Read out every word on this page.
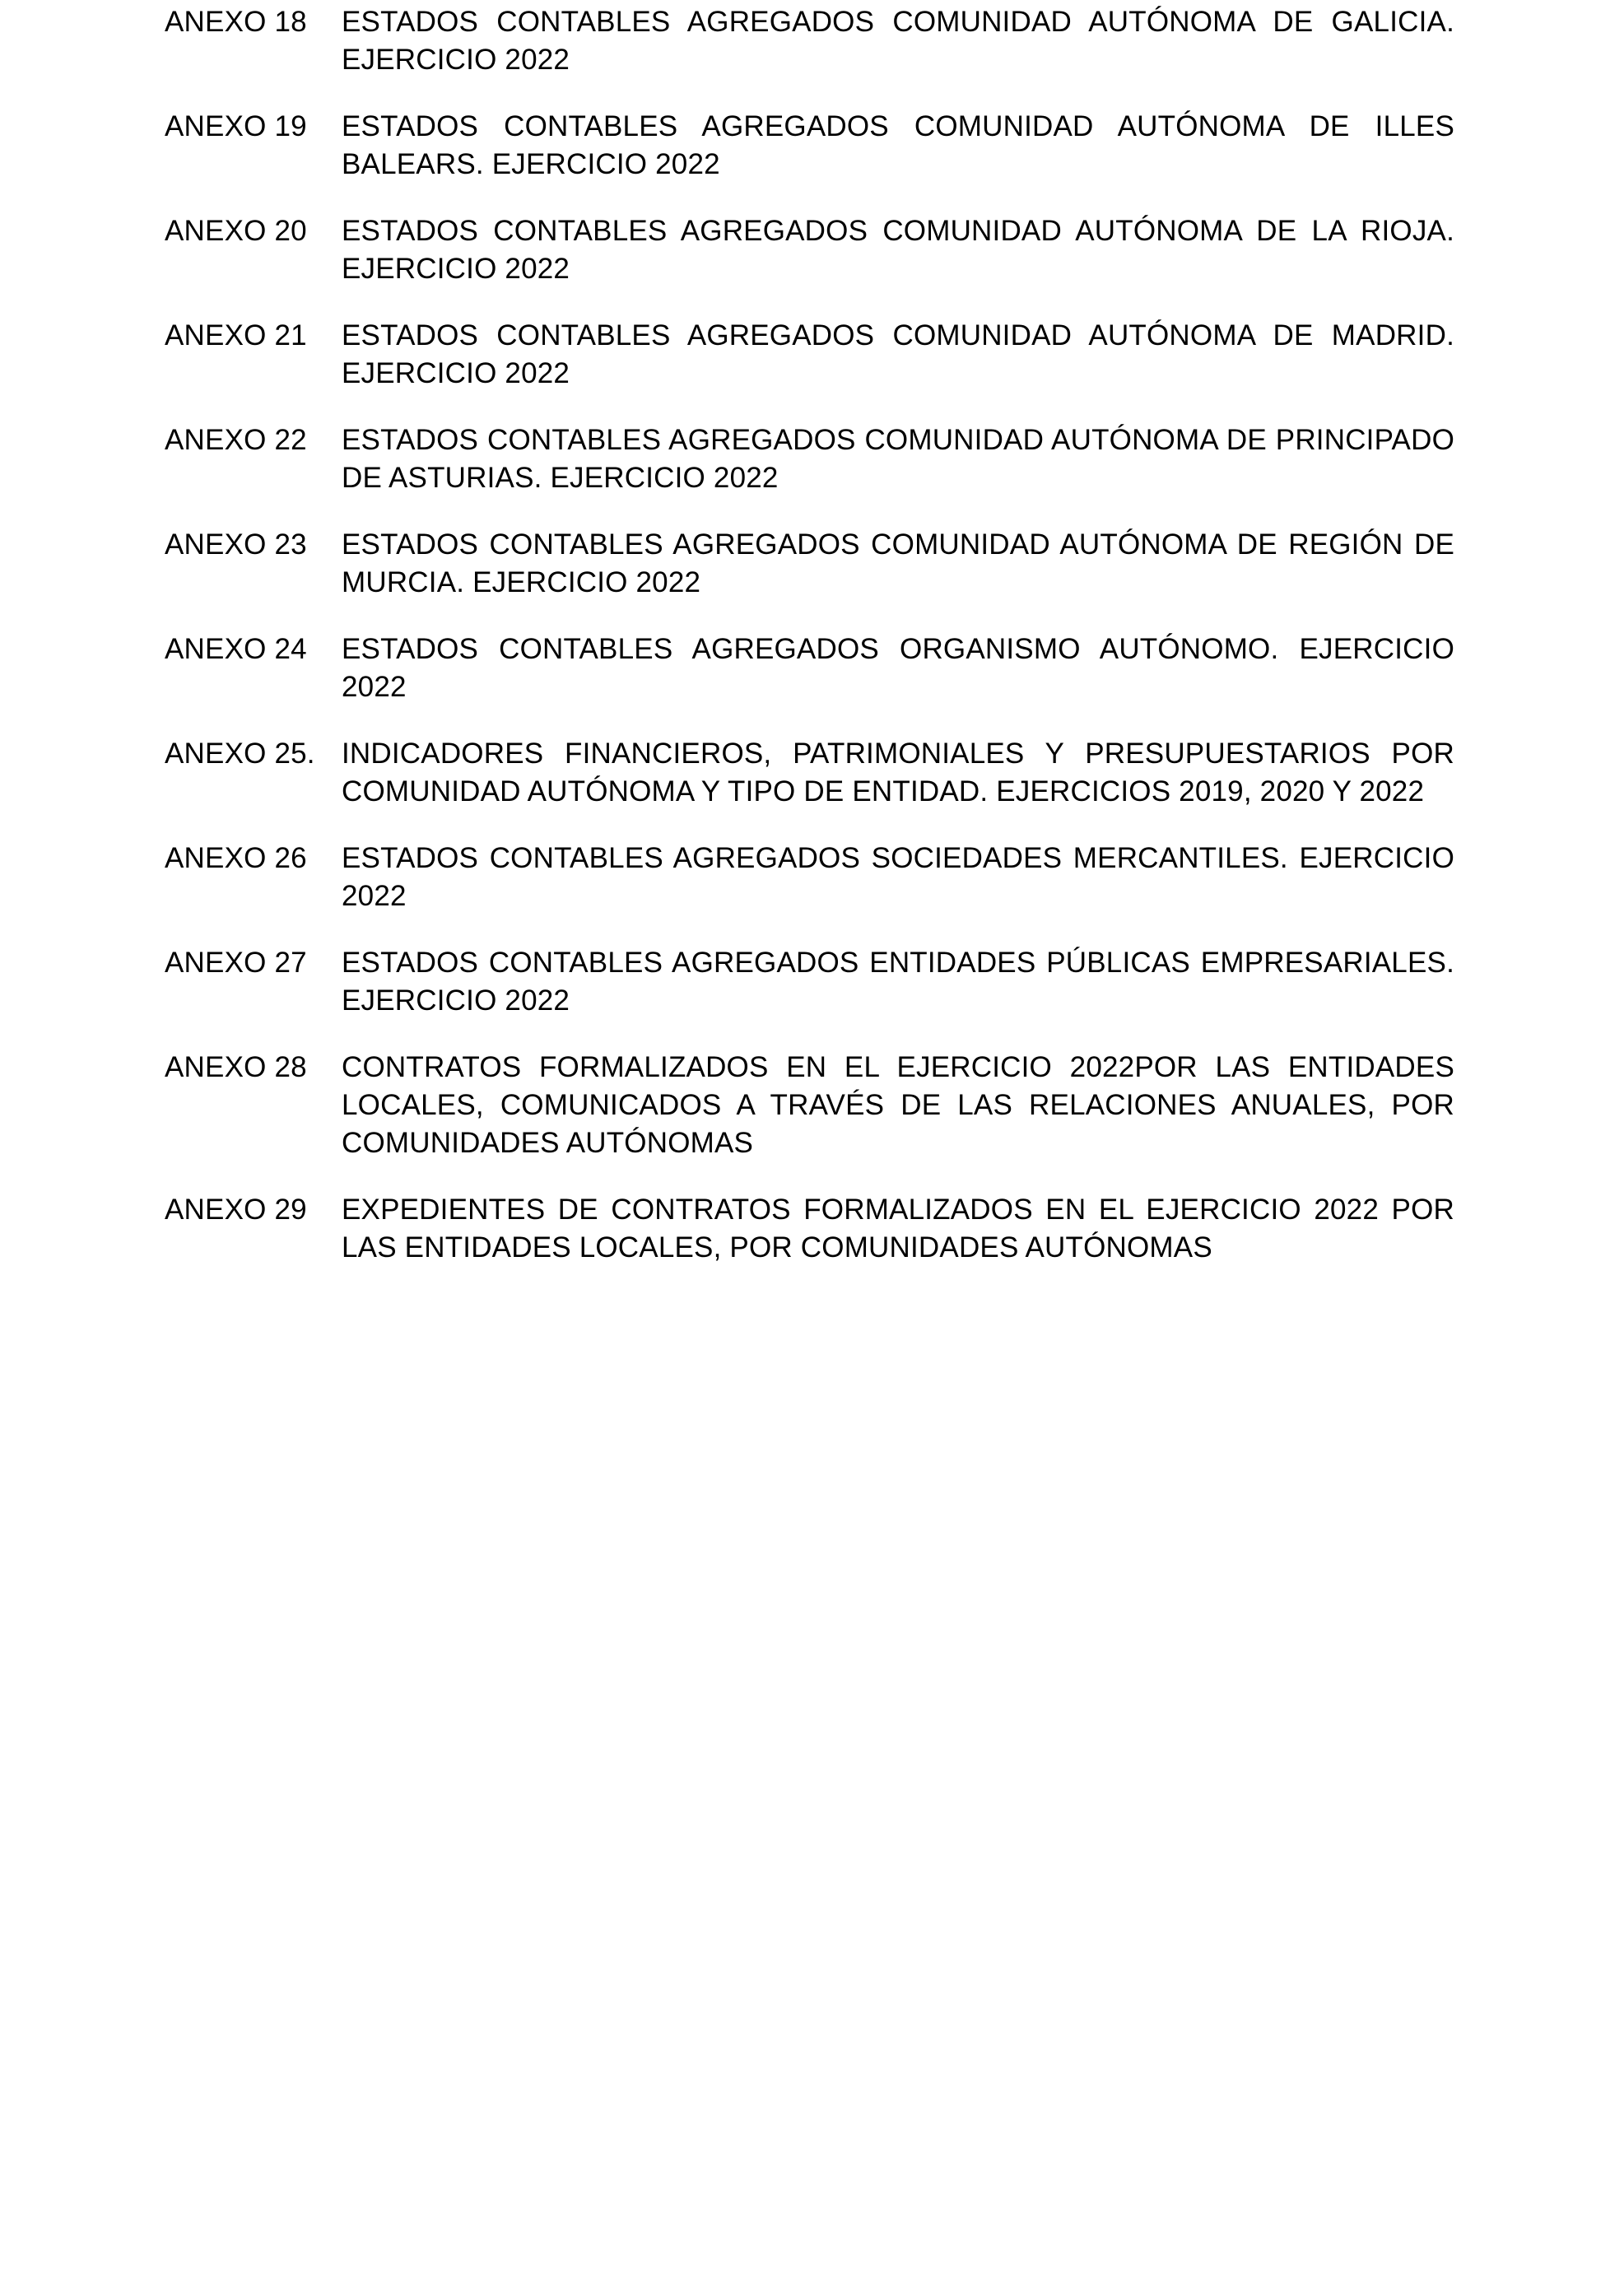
ANEXO 18	ESTADOS CONTABLES AGREGADOS COMUNIDAD AUTÓNOMA DE GALICIA. EJERCICIO 2022
ANEXO 19	ESTADOS CONTABLES AGREGADOS COMUNIDAD AUTÓNOMA DE ILLES BALEARS. EJERCICIO 2022
ANEXO 20	ESTADOS CONTABLES AGREGADOS COMUNIDAD AUTÓNOMA DE LA RIOJA. EJERCICIO 2022
ANEXO 21	ESTADOS CONTABLES AGREGADOS COMUNIDAD AUTÓNOMA DE MADRID. EJERCICIO 2022
ANEXO 22	ESTADOS CONTABLES AGREGADOS COMUNIDAD AUTÓNOMA DE PRINCIPADO DE ASTURIAS. EJERCICIO 2022
ANEXO 23	ESTADOS CONTABLES AGREGADOS COMUNIDAD AUTÓNOMA DE REGIÓN DE MURCIA. EJERCICIO 2022
ANEXO 24	ESTADOS CONTABLES AGREGADOS ORGANISMO AUTÓNOMO. EJERCICIO 2022
ANEXO 25. INDICADORES FINANCIEROS, PATRIMONIALES Y PRESUPUESTARIOS POR COMUNIDAD AUTÓNOMA Y TIPO DE ENTIDAD. EJERCICIOS 2019, 2020 Y 2022
ANEXO 26	ESTADOS CONTABLES AGREGADOS SOCIEDADES MERCANTILES. EJERCICIO 2022
ANEXO 27	ESTADOS CONTABLES AGREGADOS ENTIDADES PÚBLICAS EMPRESARIALES. EJERCICIO 2022
ANEXO 28	CONTRATOS FORMALIZADOS EN EL EJERCICIO 2022POR LAS ENTIDADES LOCALES, COMUNICADOS A TRAVÉS DE LAS RELACIONES ANUALES, POR COMUNIDADES AUTÓNOMAS
ANEXO 29	EXPEDIENTES DE CONTRATOS FORMALIZADOS EN EL EJERCICIO 2022 POR LAS ENTIDADES LOCALES, POR COMUNIDADES AUTÓNOMAS
